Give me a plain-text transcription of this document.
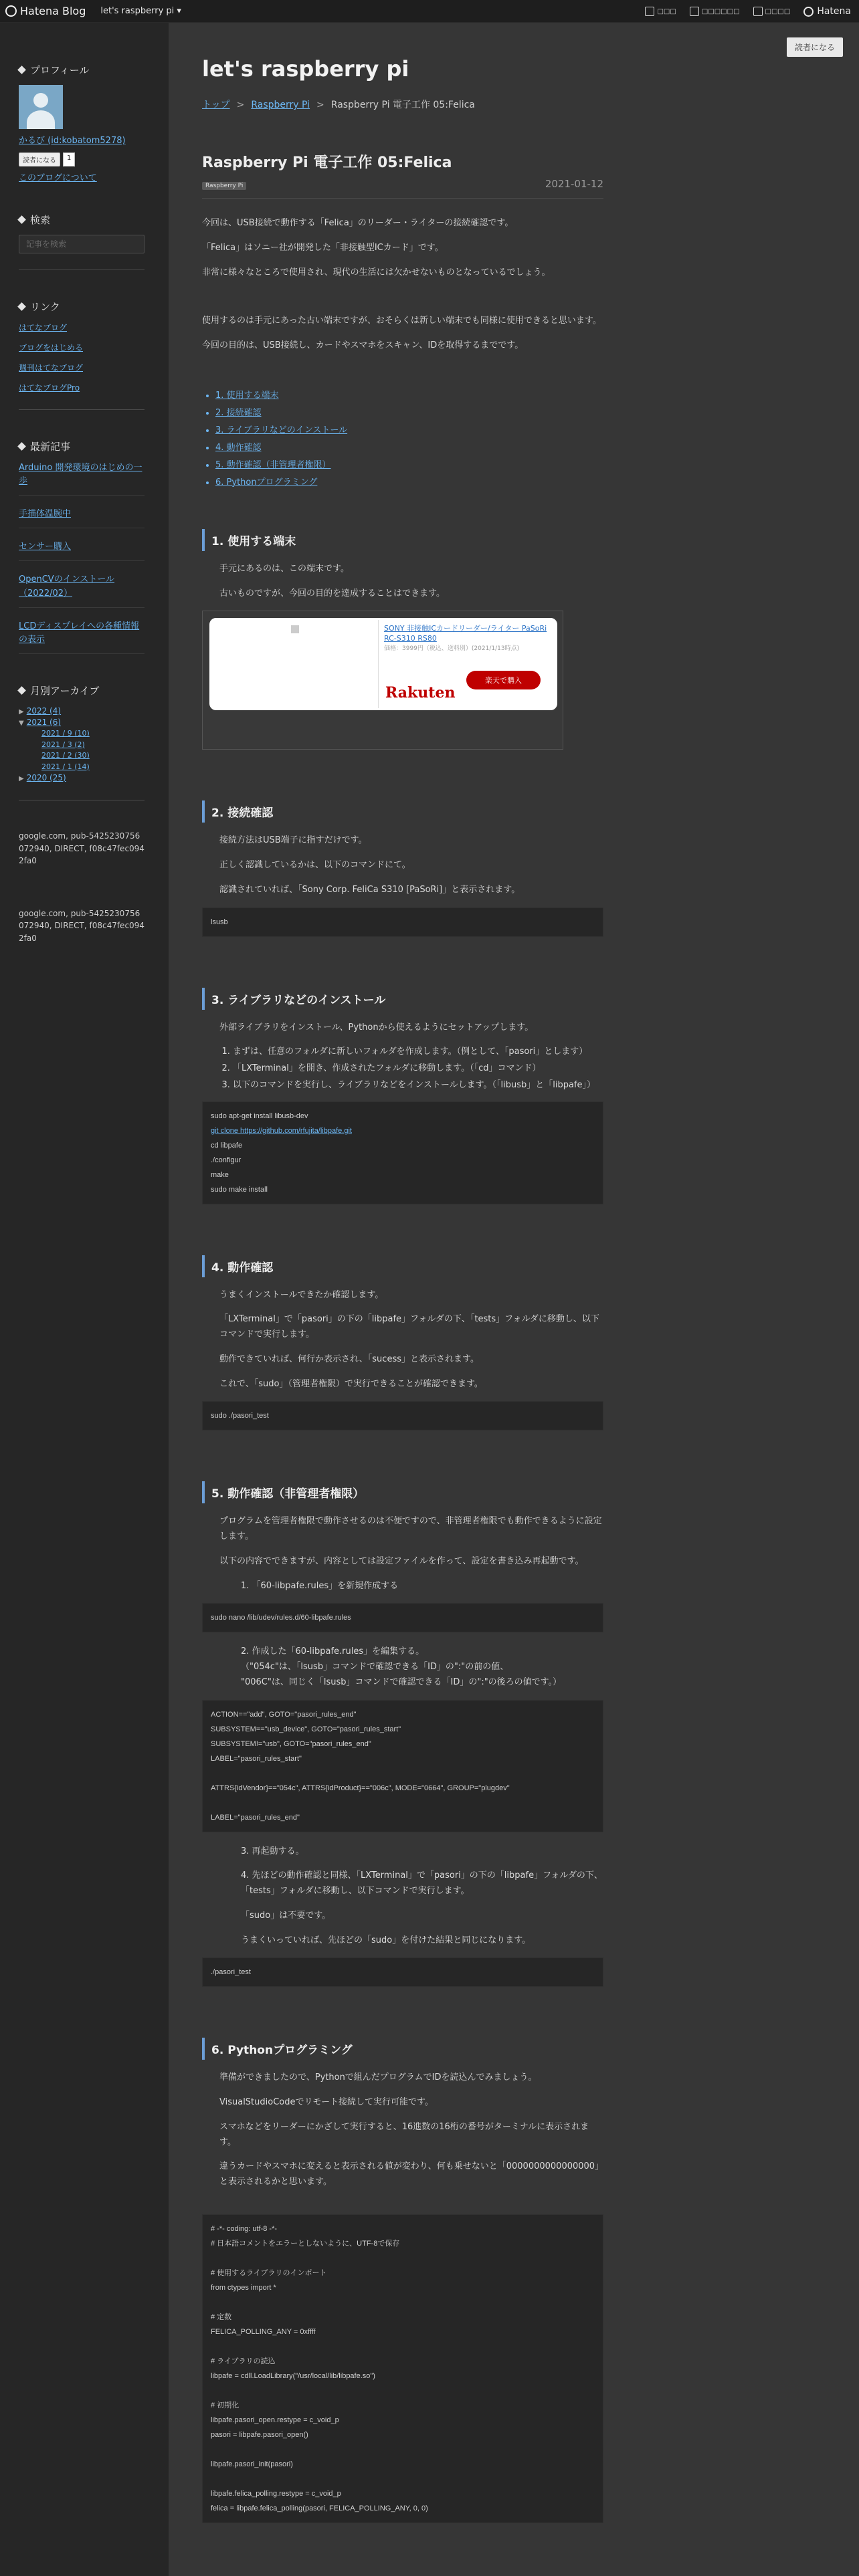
Hatena Blog let's raspberry pi ▾	□□□	□□□□□□	□□□□	Hatena
プロフィール
かるび (id:kobatom5278)
読者になる	1
このブログについて
検索
記事を検索
リンク
はてなブログ
ブログをはじめる
週刊はてなブログ
はてなブログPro
最新記事
Arduino 開発環境のはじめの一歩
手描体温腕中
センサー購入
OpenCVのインストール（2022/02）
LCDディスプレイへの各種情報の表示
月別アーカイブ
▶ 2022 (4)
▼ 2021 (6)
2021 / 9 (10)
2021 / 3 (2)
2021 / 2 (30)
2021 / 1 (14)
▶ 2020 (25)
google.com, pub-5425230756072940, DIRECT, f08c47fec0942fa0
google.com, pub-5425230756072940, DIRECT, f08c47fec0942fa0
読者になる
let's raspberry pi
トップ > Raspberry Pi > Raspberry Pi 電子工作 05:Felica
Raspberry Pi 電子工作 05:Felica
Raspberry Pi	2021-01-12

今回は、USB接続で動作する「Felica」のリーダー・ライターの接続確認です。

「Felica」はソニー社が開発した「非接触型ICカード」です。

非常に様々なところで使用され、現代の生活には欠かせないものとなっているでしょう。

使用するのは手元にあった古い端末ですが、おそらくは新しい端末でも同様に使用できると思います。

今回の目的は、USB接続し、カードやスマホをスキャン、IDを取得するまでです。

• 1. 使用する端末
• 2. 接続確認
• 3. ライブラリなどのインストール
• 4. 動作確認
• 5. 動作確認（非管理者権限）
• 6. Pythonプログラミング
1. 使用する端末

手元にあるのは、この端末です。

古いものですが、今回の目的を達成することはできます。

SONY 非接触ICカードリーダー/ライター PaSoRi RC-S310 RS80
価格：3999円（税込、送料別）(2021/1/13時点)
Rakuten
楽天で購入
2. 接続確認

接続方法はUSB端子に指すだけです。

正しく認識しているかは、以下のコマンドにて。

認識されていれば、「Sony Corp. FeliCa S310 [PaSoRi]」と表示されます。

lsusb
3. ライブラリなどのインストール

外部ライブラリをインストール、Pythonから使えるようにセットアップします。

1. まずは、任意のフォルダに新しいフォルダを作成します。（例として、「pasori」とします）
2. 「LXTerminal」を開き、作成されたフォルダに移動します。（「cd」コマンド）
3. 以下のコマンドを実行し、ライブラリなどをインストールします。（「libusb」と「libpafe」）
sudo apt-get install libusb-dev
git clone https://github.com/rfujita/libpafe.git
cd libpafe
./configur
make
sudo make install
4. 動作確認

うまくインストールできたか確認します。

「LXTerminal」で「pasori」の下の「libpafe」フォルダの下、「tests」フォルダに移動し、以下コマンドで実行します。

動作できていれば、何行か表示され、「sucess」と表示されます。

これで、「sudo」（管理者権限）で実行できることが確認できます。

sudo ./pasori_test
5. 動作確認（非管理者権限）

プログラムを管理者権限で動作させるのは不便ですので、非管理者権限でも動作できるように設定します。

以下の内容でできますが、内容としては設定ファイルを作って、設定を書き込み再起動です。

1. 「60-libpafe.rules」を新規作成する

sudo nano /lib/udev/rules.d/60-libpafe.rules

2. 作成した「60-libpafe.rules」を編集する。

（"054c"は、「lsusb」コマンドで確認できる「ID」の":"の前の値、

"006C"は、同じく「lsusb」コマンドで確認できる「ID」の":"の後ろの値です。）

ACTION=="add", GOTO="pasori_rules_end"
SUBSYSTEM=="usb_device", GOTO="pasori_rules_start"
SUBSYSTEM!="usb", GOTO="pasori_rules_end"
LABEL="pasori_rules_start"
ATTRS{idVendor}=="054c", ATTRS{idProduct}=="006c", MODE="0664", GROUP="plugdev"
LABEL="pasori_rules_end"

3. 再起動する。

4. 先ほどの動作確認と同様、「LXTerminal」で「pasori」の下の「libpafe」フォルダの下、「tests」フォルダに移動し、以下コマンドで実行します。

「sudo」は不要です。

うまくいっていれば、先ほどの「sudo」を付けた結果と同じになります。

./pasori_test
6. Pythonプログラミング

準備ができましたので、Pythonで組んだプログラムでIDを読込んでみましょう。

VisualStudioCodeでリモート接続して実行可能です。

スマホなどをリーダーにかざして実行すると、16進数の16桁の番号がターミナルに表示されます。

違うカードやスマホに変えると表示される値が変わり、何も乗せないと「0000000000000000」と表示されるかと思います。

# -*- coding: utf-8 -*-
# 日本語コメントをエラーとしないように、UTF-8で保存
# 使用するライブラリのインポート
from ctypes import *
# 定数
FELICA_POLLING_ANY = 0xffff
# ライブラリの読込
libpafe = cdll.LoadLibrary("/usr/local/lib/libpafe.so")
# 初期化
libpafe.pasori_open.restype = c_void_p
pasori = libpafe.pasori_open()
libpafe.pasori_init(pasori)
libpafe.felica_polling.restype = c_void_p
felica = libpafe.felica_polling(pasori, FELICA_POLLING_ANY, 0, 0)
